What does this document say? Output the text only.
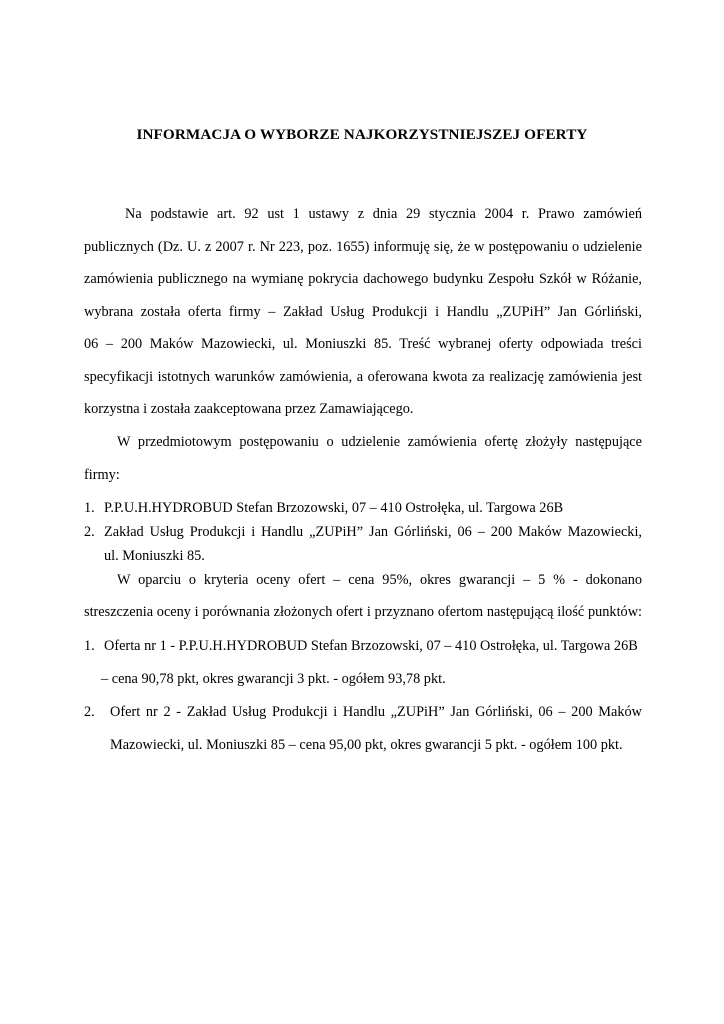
INFORMACJA O WYBORZE NAJKORZYSTNIEJSZEJ OFERTY
Na podstawie art. 92 ust 1 ustawy z dnia 29 stycznia 2004 r. Prawo zamówień
publicznych (Dz. U. z 2007 r. Nr 223, poz. 1655) informuję się, że w postępowaniu o udzielenie
zamówienia publicznego na wymianę pokrycia dachowego budynku Zespołu Szkół w Różanie,
wybrana została oferta firmy – Zakład Usług Produkcji i Handlu „ZUPiH” Jan Górliński,
06 – 200 Maków Mazowiecki, ul. Moniuszki 85. Treść wybranej oferty odpowiada treści
specyfikacji istotnych warunków zamówienia, a oferowana kwota za realizację zamówienia jest
korzystna i została zaakceptowana przez Zamawiającego.
W przedmiotowym postępowaniu o udzielenie zamówienia ofertę złożyły następujące
firmy:
1. P.P.U.H.HYDROBUD Stefan Brzozowski, 07 – 410 Ostrołęka, ul. Targowa 26B
2. Zakład Usług Produkcji i Handlu „ZUPiH” Jan Górliński, 06 – 200 Maków Mazowiecki,
ul. Moniuszki 85.
W oparciu o kryteria oceny ofert – cena 95%, okres gwarancji – 5 % - dokonano
streszczenia oceny i porównania złożonych ofert i przyznano ofertom następującą ilość punktów:
1. Oferta nr 1 - P.P.U.H.HYDROBUD Stefan Brzozowski, 07 – 410 Ostrołęka, ul. Targowa 26B
– cena 90,78 pkt, okres gwarancji 3 pkt. - ogółem 93,78 pkt.
2.	Ofert nr 2 - Zakład Usług Produkcji i Handlu „ZUPiH” Jan Górliński, 06 – 200 Maków
Mazowiecki, ul. Moniuszki 85 – cena 95,00 pkt, okres gwarancji 5 pkt. - ogółem 100 pkt.
